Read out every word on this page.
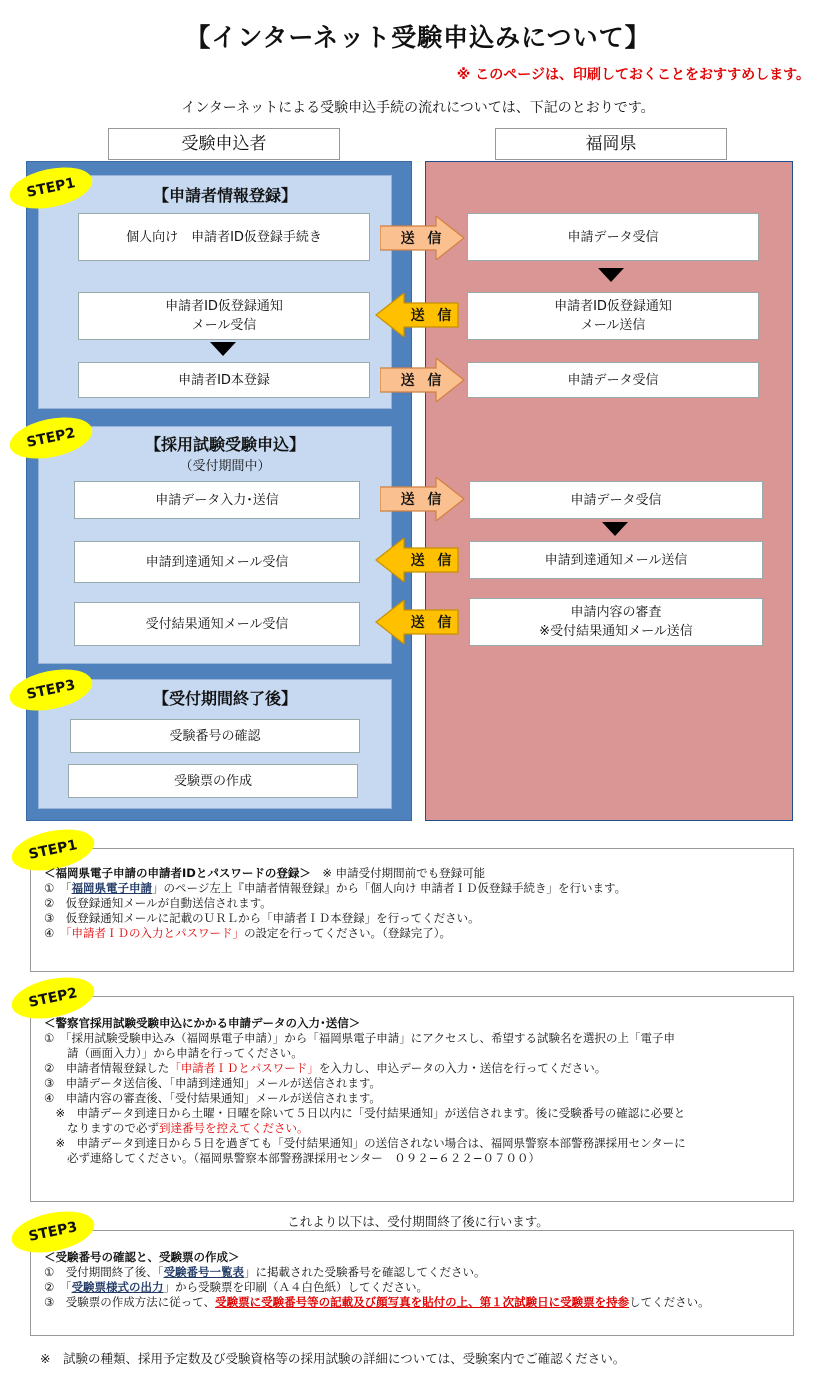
【インターネット受験申込みについて】
※ このページは、印刷しておくことをおすすめします。
インターネットによる受験申込手続の流れについては、下記のとおりです。
受験申込者	福岡県
【申請者情報登録】
【採用試験受験申込】
（受付期間中）
【受付期間終了後】
個人向け　申請者ID仮登録手続き
申請者ID仮登録通知
メール受信
申請者ID本登録
申請データ受信
申請者ID仮登録通知
メール送信
申請データ受信
申請データ入力･送信
申請到達通知メール受信
受付結果通知メール受信
申請データ受信
申請到達通知メール送信
申請内容の審査
※受付結果通知メール送信
受験番号の確認
受験票の作成
送 信
送 信
送 信
送 信
送 信
送 信
STEP1
STEP2
STEP3
STEP1
＜福岡県電子申請の申請者IDとパスワードの登録＞　 ※ 申請受付期間前でも登録可能
①　「福岡県電子申請」のページ左上『申請者情報登録』から「個人向け 申請者ＩＤ仮登録手続き」を行います。
②　仮登録通知メールが自動送信されます。
③　仮登録通知メールに記載のＵＲＬから「申請者ＩＤ本登録」を行ってください。
④　「申請者ＩＤの入力とパスワード」の設定を行ってください。（登録完了）。
STEP2
＜警察官採用試験受験申込にかかる申請データの入力･送信＞
①　「採用試験受験申込み（福岡県電子申請）」から「福岡県電子申請」にアクセスし、希望する試験名を選択の上「電子申
　　請（画面入力）」から申請を行ってください。
②　申請者情報登録した「申請者ＩＤとパスワード」を入力し、申込データの入力・送信を行ってください。
③　申請データ送信後、「申請到達通知」メールが送信されます。
④　申請内容の審査後、「受付結果通知」メールが送信されます。
　※　申請データ到達日から土曜・日曜を除いて５日以内に「受付結果通知」が送信されます。後に受験番号の確認に必要と
　　なりますので必ず到達番号を控えてください。
　※　申請データ到達日から５日を過ぎても「受付結果通知」の送信されない場合は、福岡県警察本部警務課採用センターに
　　必ず連絡してください。（福岡県警察本部警務課採用センター　０９２−６２２−０７００）
これより以下は、受付期間終了後に行います。
STEP3
＜受験番号の確認と、受験票の作成＞
①　受付期間終了後、「受験番号一覧表」に掲載された受験番号を確認してください。
②　「受験票様式の出力」から受験票を印刷（Ａ４白色紙）してください。
③　受験票の作成方法に従って、受験票に受験番号等の記載及び顔写真を貼付の上、第１次試験日に受験票を持参してください。
※　試験の種類、採用予定数及び受験資格等の採用試験の詳細については、受験案内でご確認ください。
